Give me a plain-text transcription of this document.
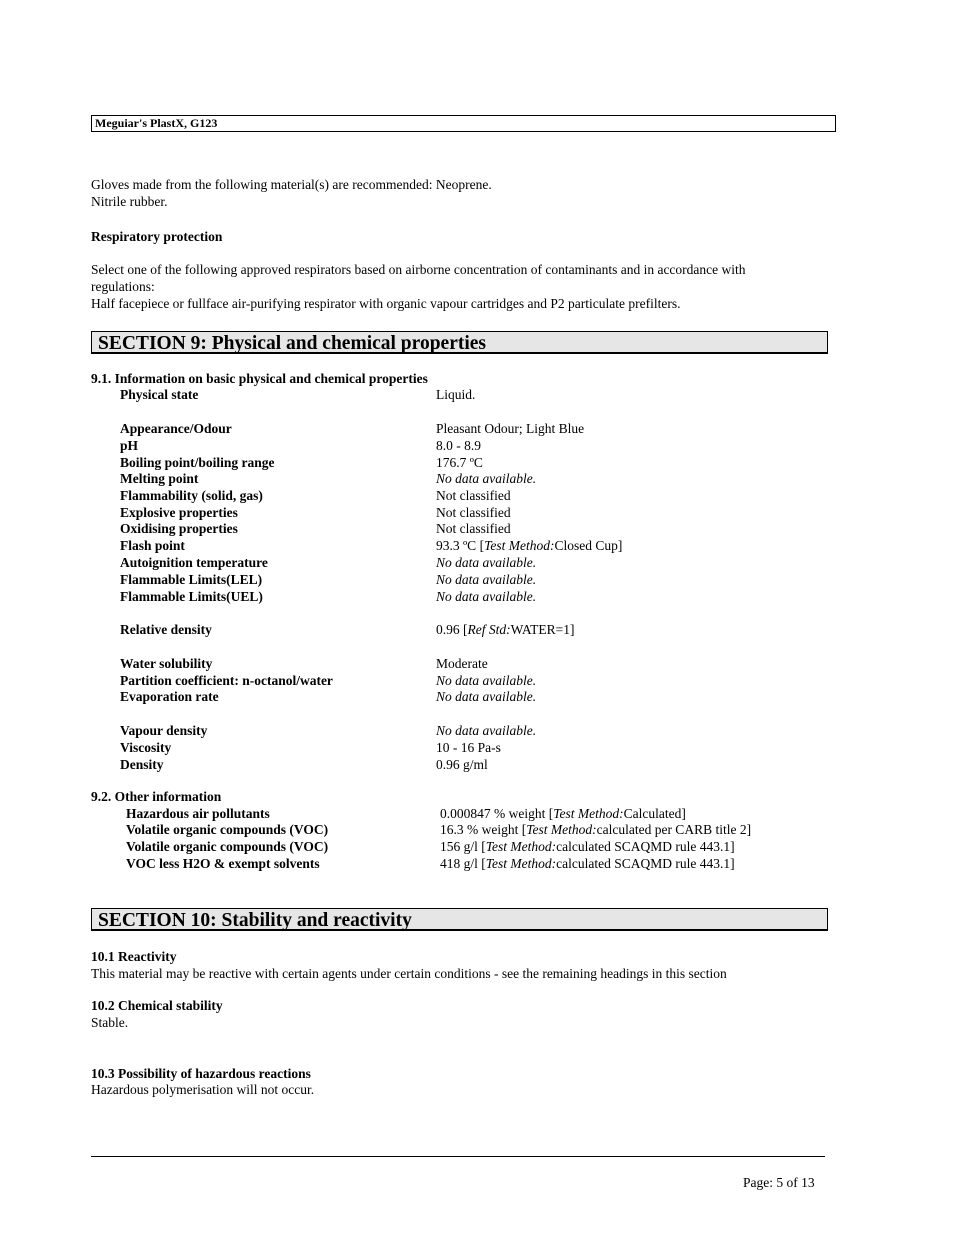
Meguiar's PlastX, G123
Gloves made from the following material(s) are recommended: Neoprene.
Nitrile rubber.
Respiratory protection
Select one of the following approved respirators based on airborne concentration of contaminants and in accordance with
regulations:
Half facepiece or fullface air-purifying respirator with organic vapour cartridges and P2 particulate prefilters.
SECTION 9: Physical and chemical properties
9.1. Information on basic physical and chemical properties
Physical state	Liquid.
Appearance/Odour	Pleasant Odour; Light Blue
pH	8.0 - 8.9
Boiling point/boiling range	176.7 ºC
Melting point	No data available.
Flammability (solid, gas)	Not classified
Explosive properties	Not classified
Oxidising properties	Not classified
Flash point	93.3 ºC [Test Method:Closed Cup]
Autoignition temperature	No data available.
Flammable Limits(LEL)	No data available.
Flammable Limits(UEL)	No data available.
Relative density	0.96 [Ref Std:WATER=1]
Water solubility	Moderate
Partition coefficient: n-octanol/water	No data available.
Evaporation rate	No data available.
Vapour density	No data available.
Viscosity	10 - 16 Pa-s
Density	0.96 g/ml
9.2. Other information
Hazardous air pollutants	0.000847 % weight [Test Method:Calculated]
Volatile organic compounds (VOC)	16.3 % weight [Test Method:calculated per CARB title 2]
Volatile organic compounds (VOC)	156 g/l [Test Method:calculated SCAQMD rule 443.1]
VOC less H2O & exempt solvents	418 g/l [Test Method:calculated SCAQMD rule 443.1]
SECTION 10: Stability and reactivity
10.1 Reactivity
This material may be reactive with certain agents under certain conditions - see the remaining headings in this section
10.2 Chemical stability
Stable.
10.3 Possibility of hazardous reactions
Hazardous polymerisation will not occur.
Page: 5 of 13
